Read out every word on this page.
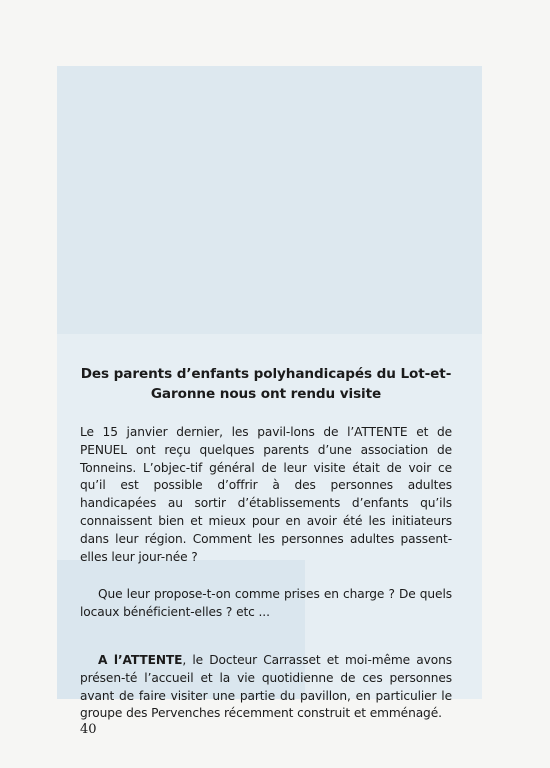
Des parents d’enfants polyhandicapés du Lot-et-Garonne nous ont rendu visite

Le 15 janvier dernier, les pavil-lons de l’ATTENTE et de PENUEL ont reçu quelques parents d’une association de Tonneins. L’objec-tif général de leur visite était de voir ce qu’il est possible d’offrir à des personnes adultes handicapées au sortir d’établissements d’enfants qu’ils connaissent bien et mieux pour en avoir été les initiateurs dans leur région. Comment les personnes adultes passent-elles leur jour-née ?

Que leur propose-t-on comme prises en charge ? De quels locaux bénéficient-elles ? etc ...

A l’ATTENTE, le Docteur Carrasset et moi-même avons présen-té l’accueil et la vie quotidienne de ces personnes avant de faire visiter une partie du pavillon, en particulier le groupe des Pervenches récemment construit et emménagé.

40
